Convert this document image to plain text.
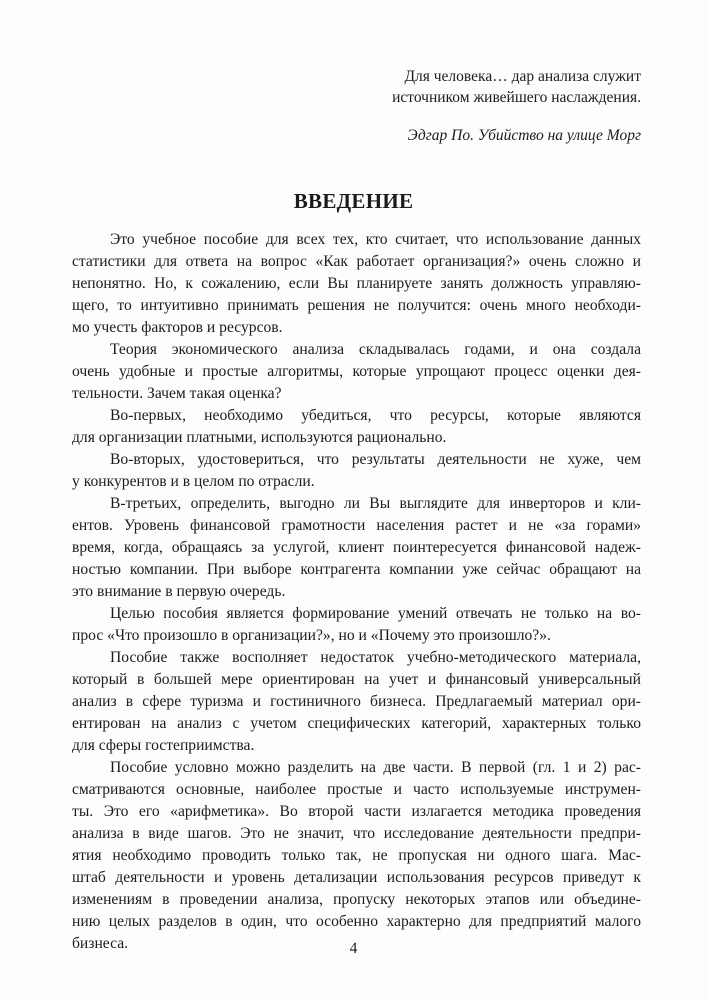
Для человека… дар анализа служит
источником живейшего наслаждения.
Эдгар По. Убийство на улице Морг
ВВЕДЕНИЕ
Это учебное пособие для всех тех, кто считает, что использование данных
статистики для ответа на вопрос «Как работает организация?» очень сложно и
непонятно. Но, к сожалению, если Вы планируете занять должность управляю-
щего, то интуитивно принимать решения не получится: очень много необходи-
мо учесть факторов и ресурсов.
Теория экономического анализа складывалась годами, и она создала
очень удобные и простые алгоритмы, которые упрощают процесс оценки дея-
тельности. Зачем такая оценка?
Во-первых, необходимо убедиться, что ресурсы, которые являются
для организации платными, используются рационально.
Во-вторых, удостовериться, что результаты деятельности не хуже, чем
у конкурентов и в целом по отрасли.
В-третьих, определить, выгодно ли Вы выглядите для инверторов и кли-
ентов. Уровень финансовой грамотности населения растет и не «за горами»
время, когда, обращаясь за услугой, клиент поинтересуется финансовой надеж-
ностью компании. При выборе контрагента компании уже сейчас обращают на
это внимание в первую очередь.
Целью пособия является формирование умений отвечать не только на во-
прос «Что произошло в организации?», но и «Почему это произошло?».
Пособие также восполняет недостаток учебно-методического материала,
который в большей мере ориентирован на учет и финансовый универсальный
анализ в сфере туризма и гостиничного бизнеса. Предлагаемый материал ори-
ентирован на анализ с учетом специфических категорий, характерных только
для сферы гостеприимства.
Пособие условно можно разделить на две части. В первой (гл. 1 и 2) рас-
сматриваются основные, наиболее простые и часто используемые инструмен-
ты. Это его «арифметика». Во второй части излагается методика проведения
анализа в виде шагов. Это не значит, что исследование деятельности предпри-
ятия необходимо проводить только так, не пропуская ни одного шага. Мас-
штаб деятельности и уровень детализации использования ресурсов приведут к
изменениям в проведении анализа, пропуску некоторых этапов или объедине-
нию целых разделов в один, что особенно характерно для предприятий малого
бизнеса.	4
